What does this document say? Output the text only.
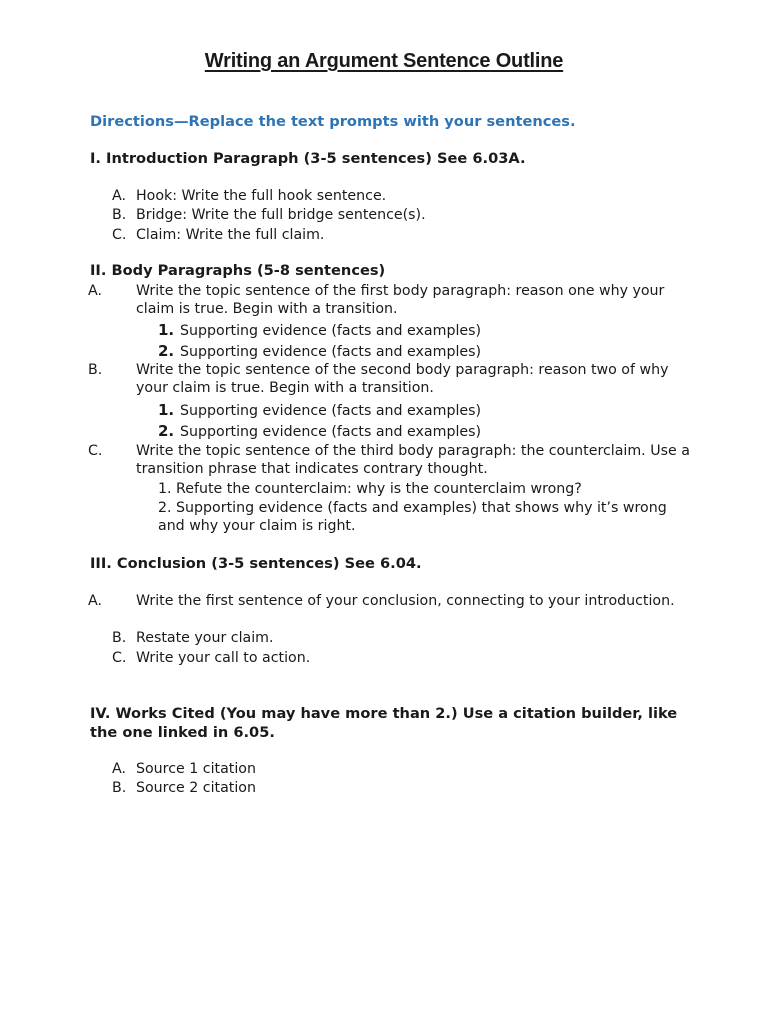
Writing an Argument Sentence Outline
Directions—Replace the text prompts with your sentences.
I. Introduction Paragraph (3-5 sentences) See 6.03A.
A. Hook: Write the full hook sentence.
B. Bridge: Write the full bridge sentence(s).
C. Claim: Write the full claim.
II. Body Paragraphs (5-8 sentences)
A. Write the topic sentence of the first body paragraph: reason one why your claim is true. Begin with a transition.
1. Supporting evidence (facts and examples)
2. Supporting evidence (facts and examples)
B. Write the topic sentence of the second body paragraph: reason two of why your claim is true. Begin with a transition.
1. Supporting evidence (facts and examples)
2. Supporting evidence (facts and examples)
C. Write the topic sentence of the third body paragraph: the counterclaim. Use a transition phrase that indicates contrary thought.
1. Refute the counterclaim: why is the counterclaim wrong?
2. Supporting evidence (facts and examples) that shows why it’s wrong and why your claim is right.
III. Conclusion (3-5 sentences) See 6.04.
A. Write the first sentence of your conclusion, connecting to your introduction.
B. Restate your claim.
C. Write your call to action.
IV. Works Cited (You may have more than 2.) Use a citation builder, like the one linked in 6.05.
A. Source 1 citation
B. Source 2 citation
